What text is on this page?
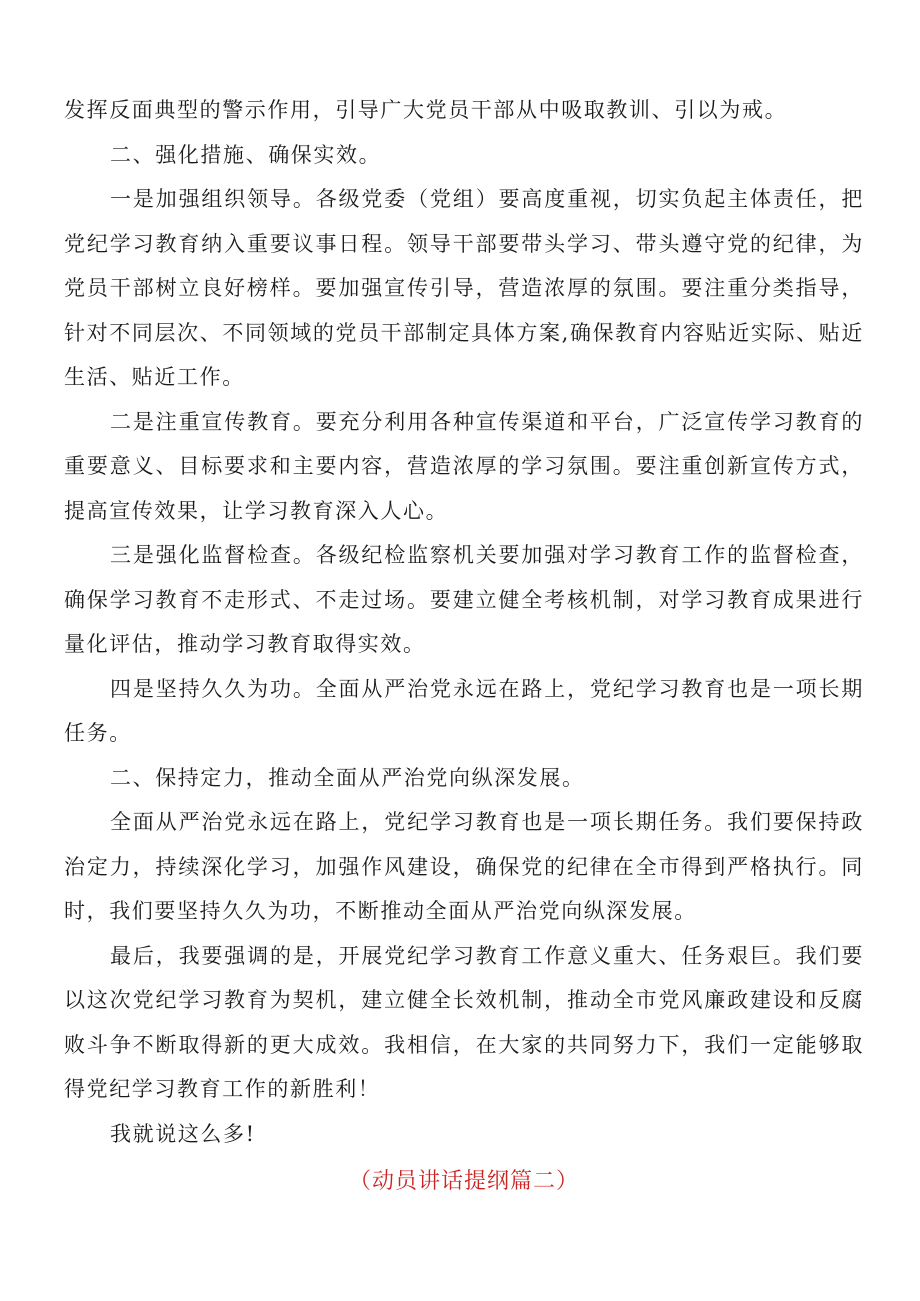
发挥反面典型的警示作用，引导广大党员干部从中吸取教训、引以为戒。

二、强化措施、确保实效。

一是加强组织领导。各级党委（党组）要高度重视，切实负起主体责任，把党纪学习教育纳入重要议事日程。领导干部要带头学习、带头遵守党的纪律，为党员干部树立良好榜样。要加强宣传引导，营造浓厚的氛围。要注重分类指导，针对不同层次、不同领域的党员干部制定具体方案,确保教育内容贴近实际、贴近生活、贴近工作。

二是注重宣传教育。要充分利用各种宣传渠道和平台，广泛宣传学习教育的重要意义、目标要求和主要内容，营造浓厚的学习氛围。要注重创新宣传方式，提高宣传效果，让学习教育深入人心。

三是强化监督检查。各级纪检监察机关要加强对学习教育工作的监督检查，确保学习教育不走形式、不走过场。要建立健全考核机制，对学习教育成果进行量化评估，推动学习教育取得实效。

四是坚持久久为功。全面从严治党永远在路上，党纪学习教育也是一项长期任务。

二、保持定力，推动全面从严治党向纵深发展。

全面从严治党永远在路上，党纪学习教育也是一项长期任务。我们要保持政治定力，持续深化学习，加强作风建设，确保党的纪律在全市得到严格执行。同时，我们要坚持久久为功，不断推动全面从严治党向纵深发展。

最后，我要强调的是，开展党纪学习教育工作意义重大、任务艰巨。我们要以这次党纪学习教育为契机，建立健全长效机制，推动全市党风廉政建设和反腐败斗争不断取得新的更大成效。我相信，在大家的共同努力下，我们一定能够取得党纪学习教育工作的新胜利！

我就说这么多!

（动员讲话提纲篇二）
